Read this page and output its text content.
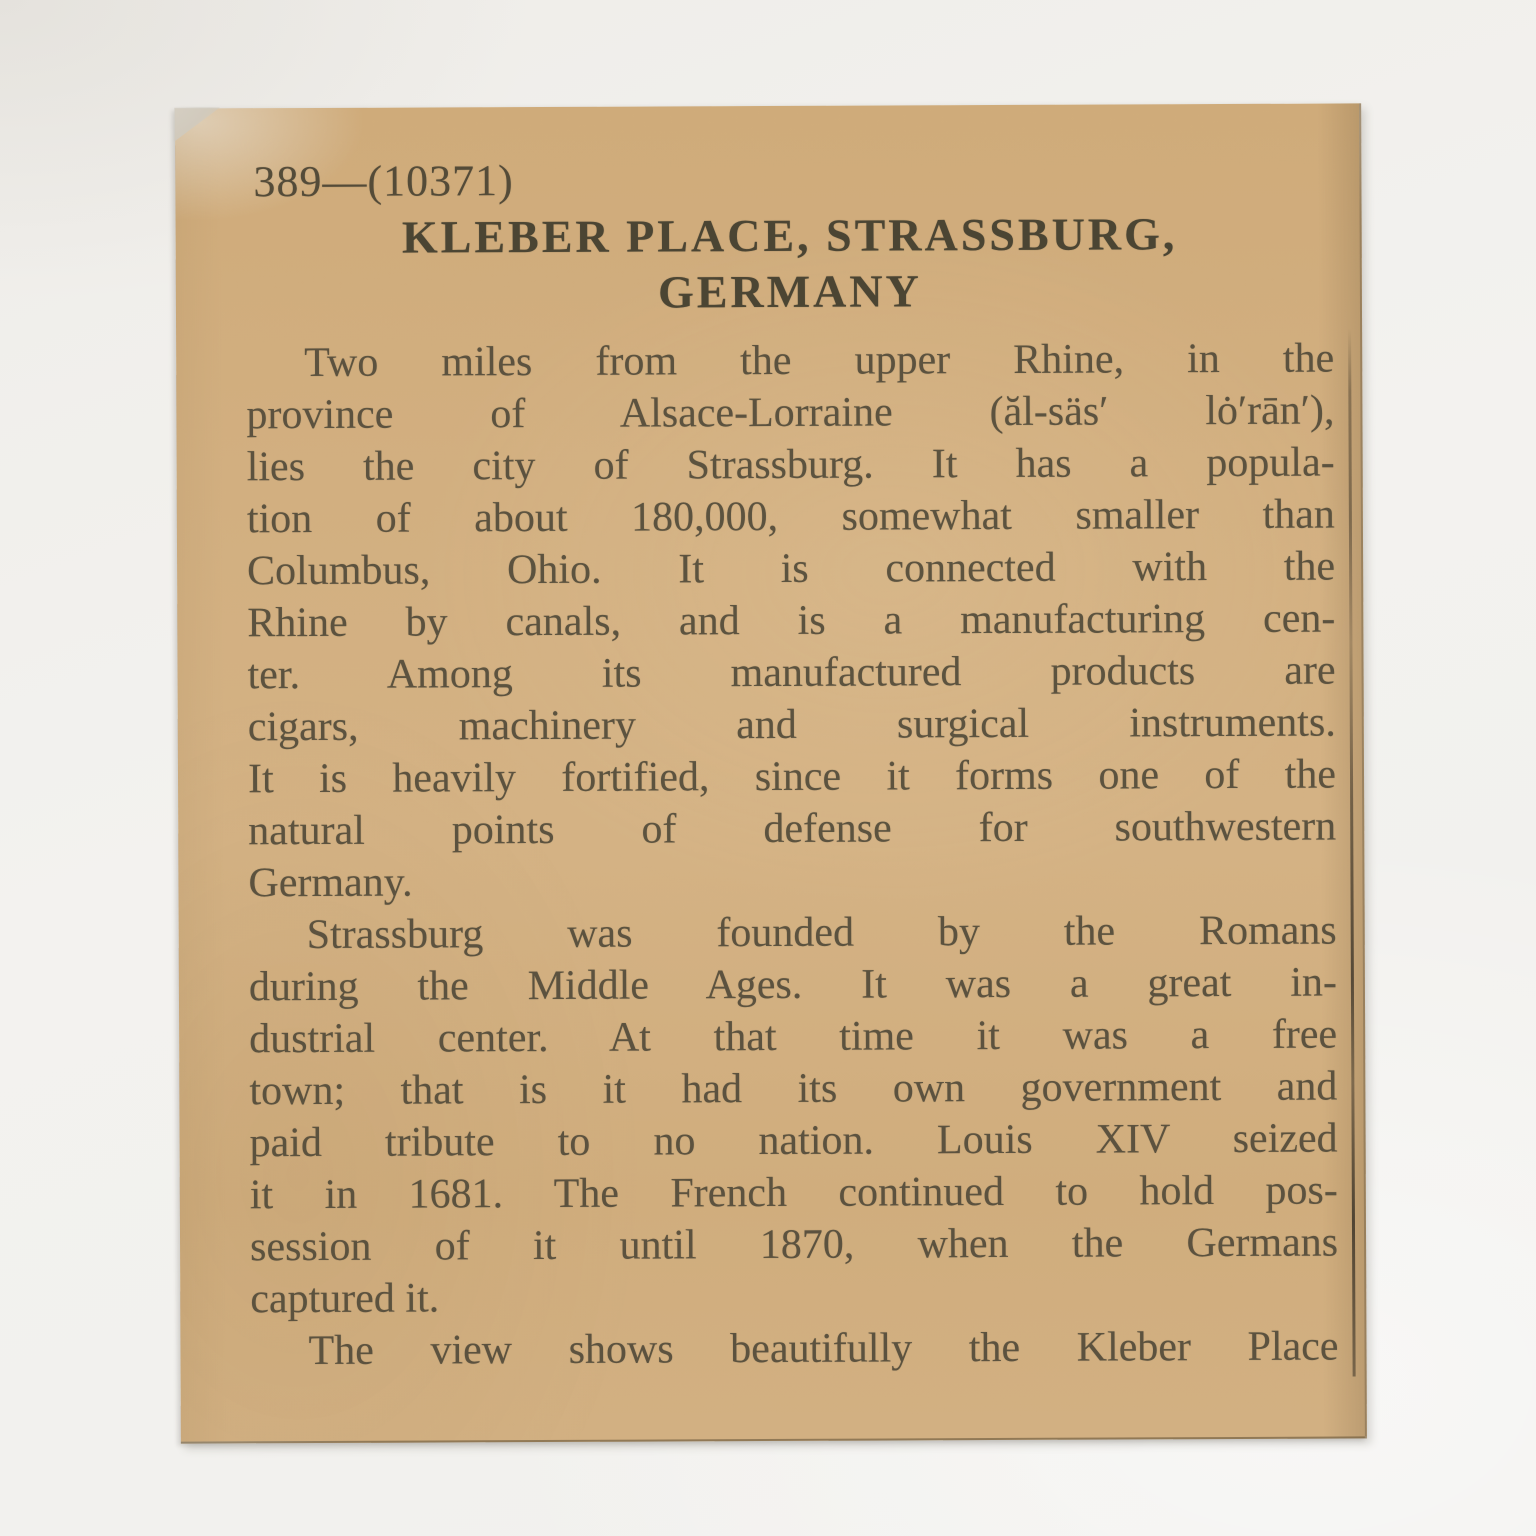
389—(10371)
KLEBER PLACE, STRASSBURG,
GERMANY
Two miles from the upper Rhine, in the
province of Alsace-Lorraine (ăl-säs′ lȯ′rān′),
lies the city of Strassburg. It has a popula-
tion of about 180,000, somewhat smaller than
Columbus, Ohio. It is connected with the
Rhine by canals, and is a manufacturing cen-
ter. Among its manufactured products are
cigars, machinery and surgical instruments.
It is heavily fortified, since it forms one of the
natural points of defense for southwestern
Germany.
Strassburg was founded by the Romans
during the Middle Ages. It was a great in-
dustrial center. At that time it was a free
town; that is it had its own government and
paid tribute to no nation. Louis XIV seized
it in 1681. The French continued to hold pos-
session of it until 1870, when the Germans
captured it.
The view shows beautifully the Kleber Place
